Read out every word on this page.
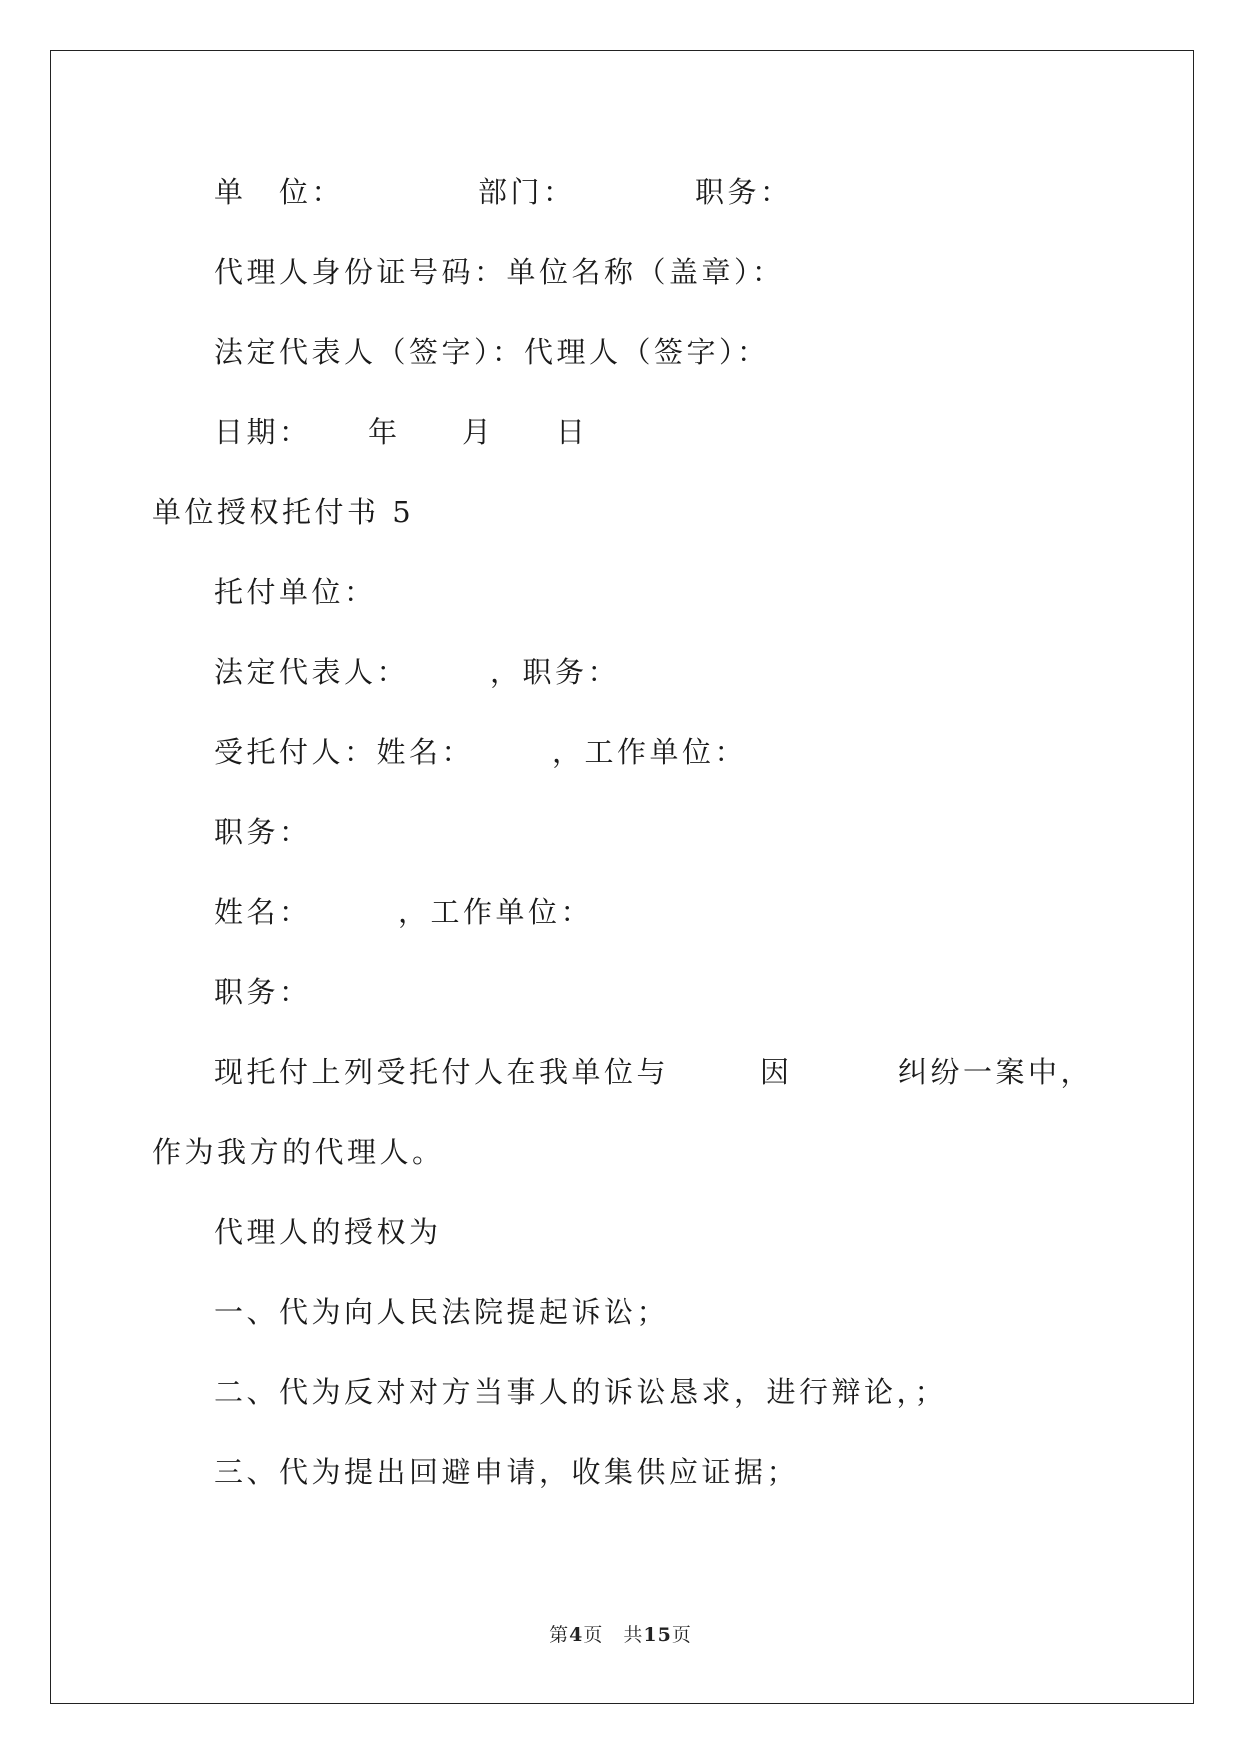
单　位：	部门：	职务：
代理人身份证号码：单位名称（盖章）：
法定代表人（签字）： 代理人（签字）：
日期： 年 月 日
单位授权托付书 5
托付单位：
法定代表人：	，职务：
受托付人：姓名：	，工作单位：
职务：
姓名：	，工作单位：
职务：
现托付上列受托付人在我单位与	因	纠纷一案中，
作为我方的代理人。
代理人的授权为
一、代为向人民法院提起诉讼；
二、代为反对对方当事人的诉讼恳求，进行辩论，；
三、代为提出回避申请，收集供应证据；
第4页　共15页
